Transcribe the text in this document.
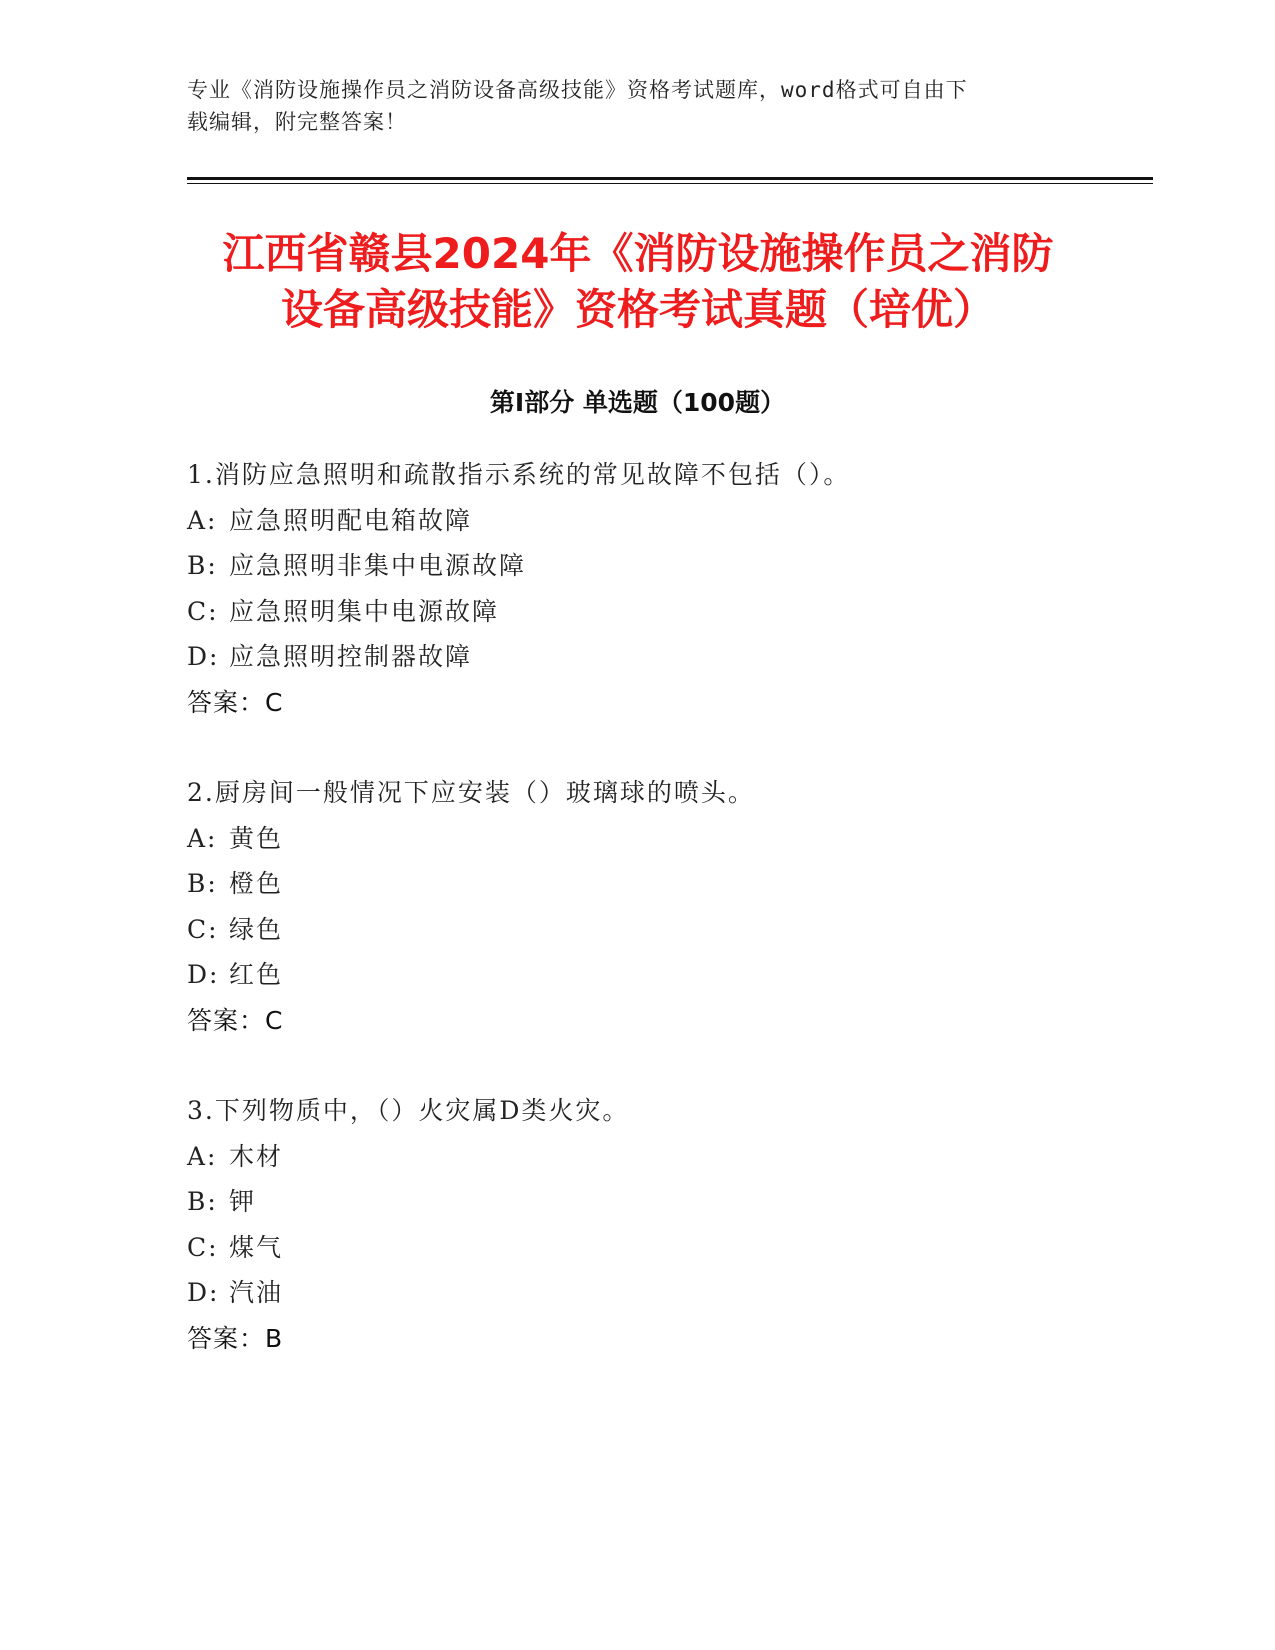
专业《消防设施操作员之消防设备高级技能》资格考试题库，word格式可自由下
载编辑，附完整答案！
江西省赣县2024年《消防设施操作员之消防
设备高级技能》资格考试真题（培优）
第Ⅰ部分 单选题（100题）
1.消防应急照明和疏散指示系统的常见故障不包括（）。
A: 应急照明配电箱故障
B: 应急照明非集中电源故障
C: 应急照明集中电源故障
D: 应急照明控制器故障
答案：C
2.厨房间一般情况下应安装（）玻璃球的喷头。
A: 黄色
B: 橙色
C: 绿色
D: 红色
答案：C
3.下列物质中，（）火灾属D类火灾。
A: 木材
B: 钾
C: 煤气
D: 汽油
答案：B
